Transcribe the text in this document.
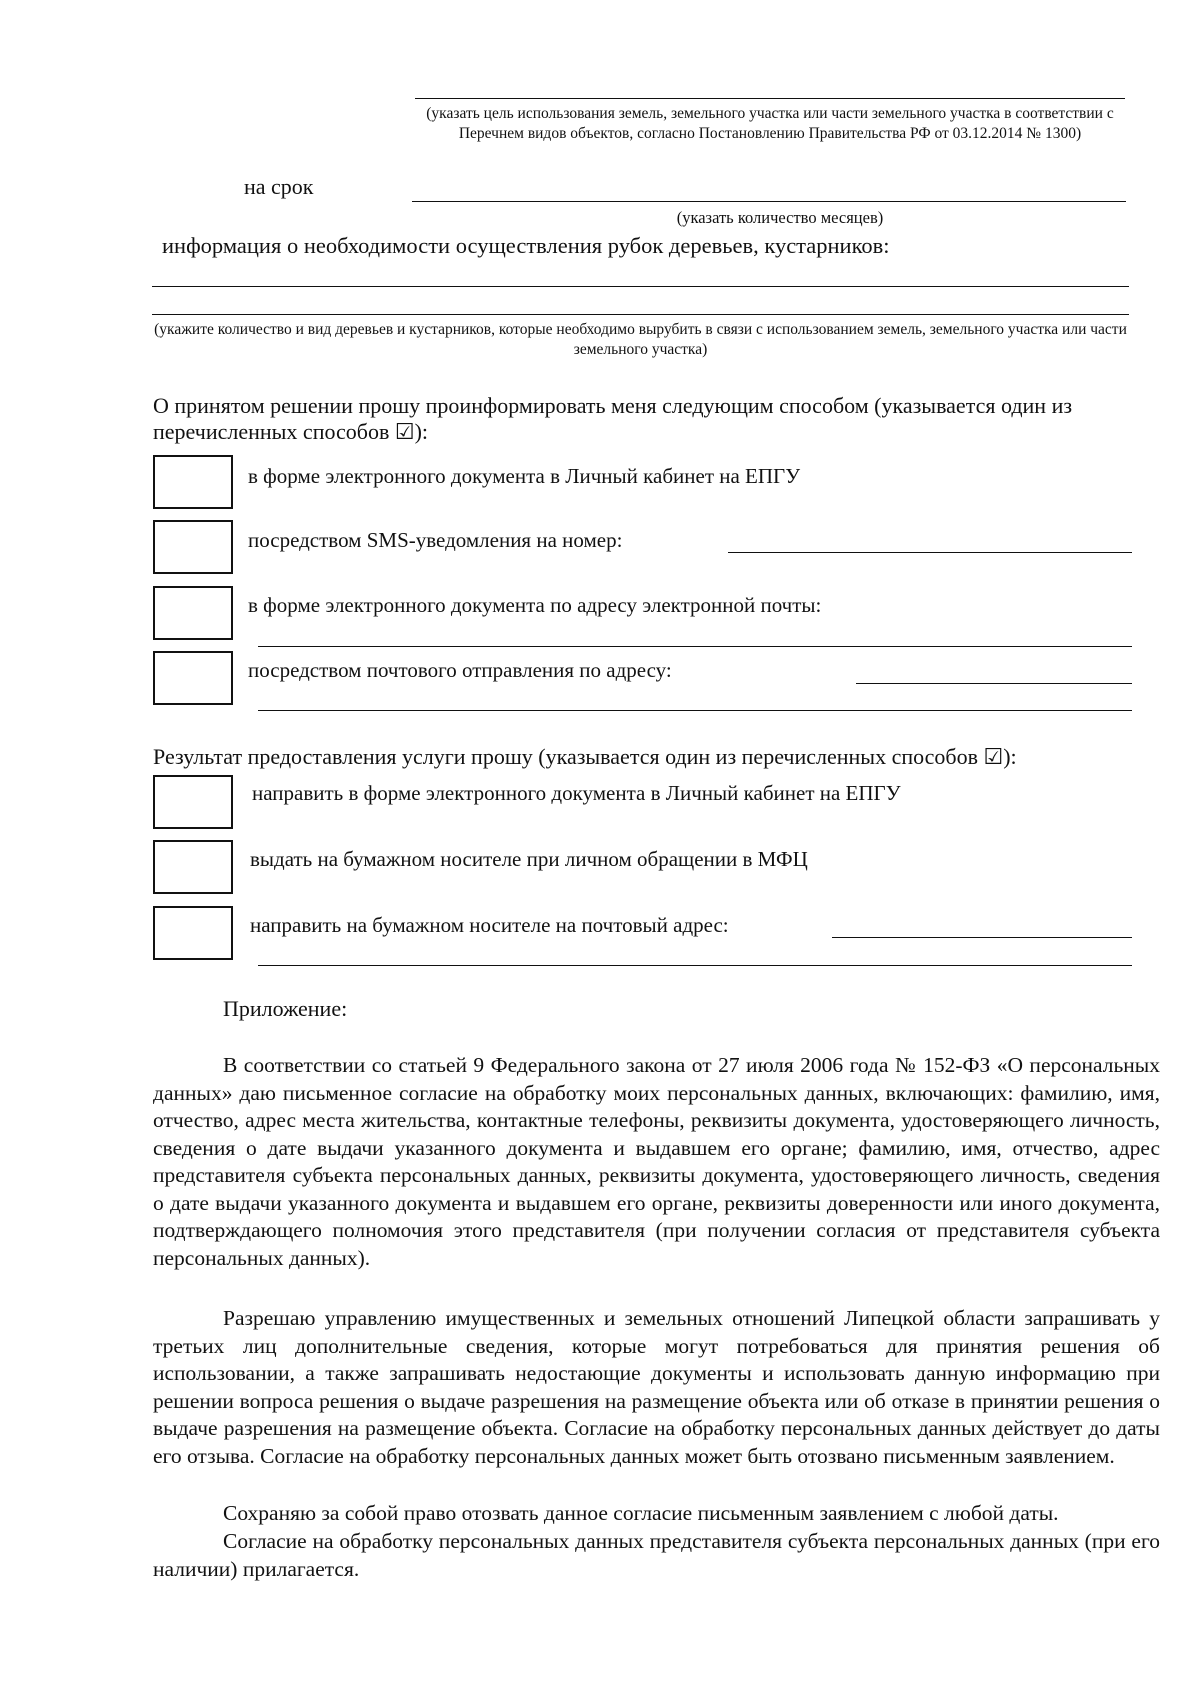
(указать цель использования земель, земельного участка или части земельного участка в соответствии с Перечнем видов объектов, согласно Постановлению Правительства РФ от 03.12.2014 № 1300)
на срок
(указать количество месяцев)
информация о необходимости осуществления рубок деревьев, кустарников:
(укажите количество и вид деревьев и кустарников, которые необходимо вырубить в связи с использованием земель, земельного участка или части земельного участка)
О принятом решении прошу проинформировать меня следующим способом (указывается один из перечисленных способов ☑):
в форме электронного документа в Личный кабинет на ЕПГУ
посредством SMS-уведомления на номер:
в форме электронного документа по адресу электронной почты:
посредством почтового отправления по адресу:
Результат предоставления услуги прошу (указывается один из перечисленных способов ☑):
направить в форме электронного документа в Личный кабинет на ЕПГУ
выдать на бумажном носителе при личном обращении в МФЦ
направить на бумажном носителе на почтовый адрес:
Приложение:
В соответствии со статьей 9 Федерального закона от 27 июля 2006 года № 152-ФЗ «О персональных данных» даю письменное согласие на обработку моих персональных данных, включающих: фамилию, имя, отчество, адрес места жительства, контактные телефоны, реквизиты документа, удостоверяющего личность, сведения о дате выдачи указанного документа и выдавшем его органе; фамилию, имя, отчество, адрес представителя субъекта персональных данных, реквизиты документа, удостоверяющего личность, сведения о дате выдачи указанного документа и выдавшем его органе, реквизиты доверенности или иного документа, подтверждающего полномочия этого представителя (при получении согласия от представителя субъекта персональных данных).
Разрешаю управлению имущественных и земельных отношений Липецкой области запрашивать у третьих лиц дополнительные сведения, которые могут потребоваться для принятия решения об использовании, а также запрашивать недостающие документы и использовать данную информацию при решении вопроса решения о выдаче разрешения на размещение объекта или об отказе в принятии решения о выдаче разрешения на размещение объекта. Согласие на обработку персональных данных действует до даты его отзыва. Согласие на обработку персональных данных может быть отозвано письменным заявлением.
Сохраняю за собой право отозвать данное согласие письменным заявлением с любой даты.
Согласие на обработку персональных данных представителя субъекта персональных данных (при его наличии) прилагается.
